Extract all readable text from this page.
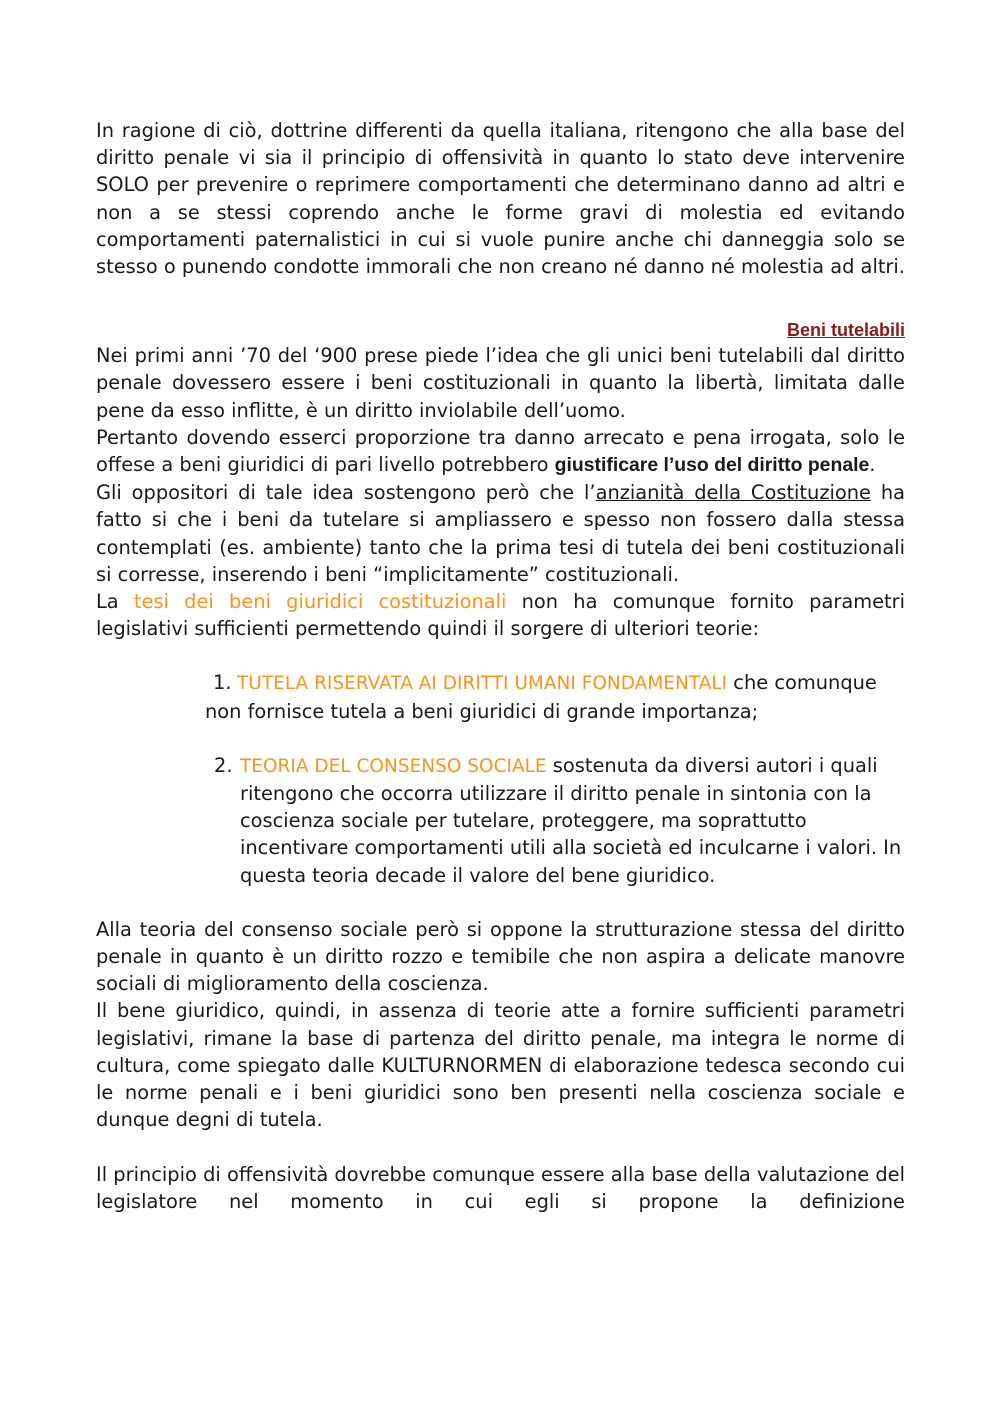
In ragione di ciò, dottrine differenti da quella italiana, ritengono che alla base del diritto penale vi sia il principio di offensività in quanto lo stato deve intervenire SOLO per prevenire o reprimere comportamenti che determinano danno ad altri e non a se stessi coprendo anche le forme gravi di molestia ed evitando comportamenti paternalistici in cui si vuole punire anche chi danneggia solo se stesso o punendo condotte immorali che non creano né danno né molestia ad altri.

Beni tutelabili

Nei primi anni ’70 del ‘900 prese piede l’idea che gli unici beni tutelabili dal diritto penale dovessero essere i beni costituzionali in quanto la libertà, limitata dalle pene da esso inflitte, è un diritto inviolabile dell’uomo.

Pertanto dovendo esserci proporzione tra danno arrecato e pena irrogata, solo le offese a beni giuridici di pari livello potrebbero giustificare l’uso del diritto penale.

Gli oppositori di tale idea sostengono però che l’anzianità della Costituzione ha fatto si che i beni da tutelare si ampliassero e spesso non fossero dalla stessa contemplati (es. ambiente) tanto che la prima tesi di tutela dei beni costituzionali si corresse, inserendo i beni “implicitamente” costituzionali.

La tesi dei beni giuridici costituzionali non ha comunque fornito parametri legislativi sufficienti permettendo quindi il sorgere di ulteriori teorie:

1. TUTELA RISERVATA AI DIRITTI UMANI FONDAMENTALI che comunque
non fornisce tutela a beni giuridici di grande importanza;
2. TEORIA DEL CONSENSO SOCIALE sostenuta da diversi autori i quali ritengono che occorra utilizzare il diritto penale in sintonia con la coscienza sociale per tutelare, proteggere, ma soprattutto incentivare comportamenti utili alla società ed inculcarne i valori. In questa teoria decade il valore del bene giuridico.

Alla teoria del consenso sociale però si oppone la strutturazione stessa del diritto penale in quanto è un diritto rozzo e temibile che non aspira a delicate manovre sociali di miglioramento della coscienza.

Il bene giuridico, quindi, in assenza di teorie atte a fornire sufficienti parametri legislativi, rimane la base di partenza del diritto penale, ma integra le norme di cultura, come spiegato dalle KULTURNORMEN di elaborazione tedesca secondo cui le norme penali e i beni giuridici sono ben presenti nella coscienza sociale e dunque degni di tutela.

Il principio di offensività dovrebbe comunque essere alla base della valutazione del legislatore nel momento in cui egli si propone la definizione
